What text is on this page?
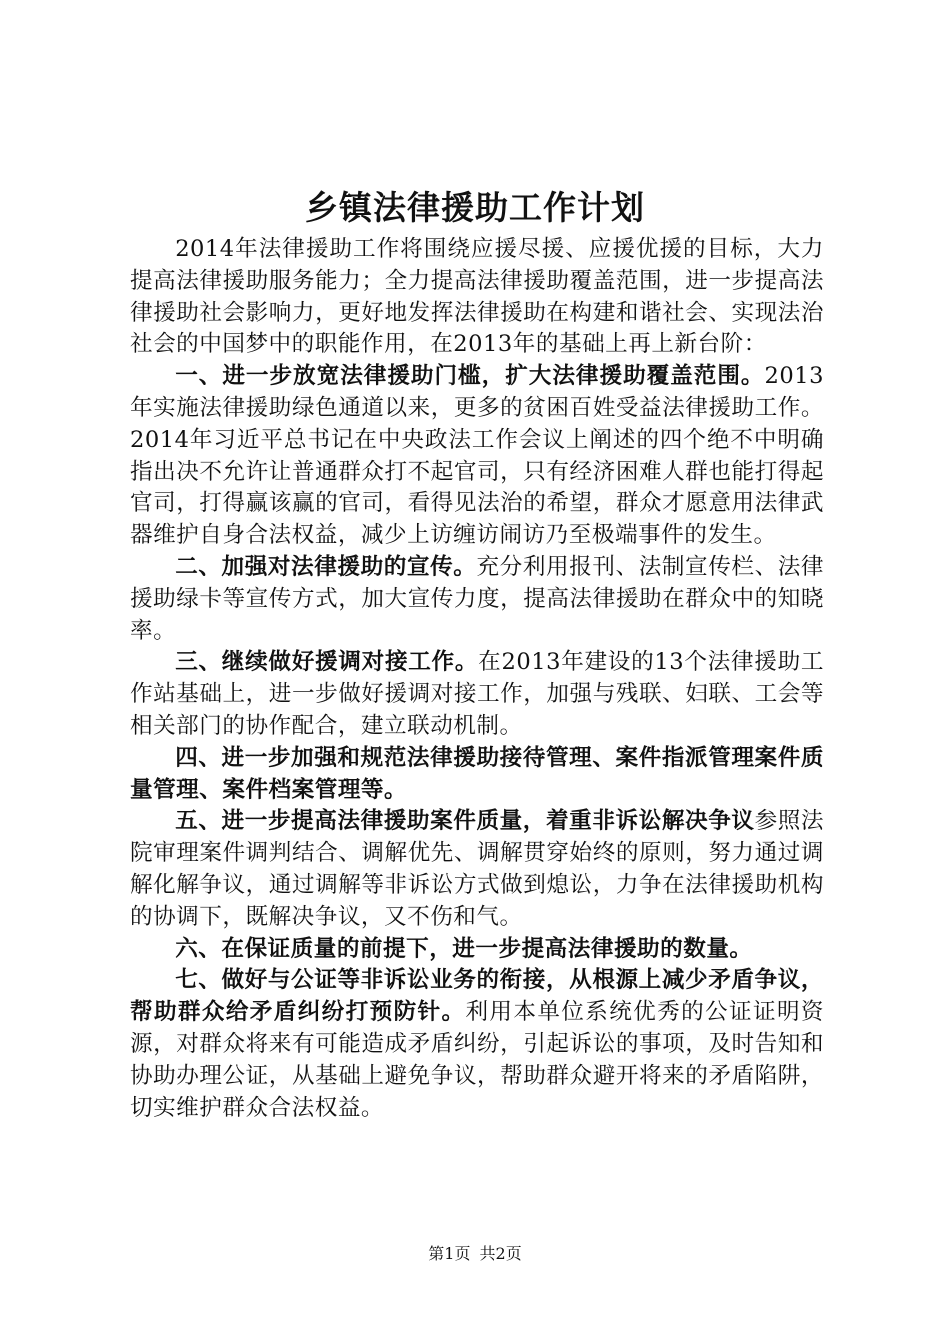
乡镇法律援助工作计划

2014年法律援助工作将围绕应援尽援、应援优援的目标，大力提高法律援助服务能力；全力提高法律援助覆盖范围，进一步提高法律援助社会影响力，更好地发挥法律援助在构建和谐社会、实现法治社会的中国梦中的职能作用，在2013年的基础上再上新台阶：

一、进一步放宽法律援助门槛，扩大法律援助覆盖范围。2013年实施法律援助绿色通道以来，更多的贫困百姓受益法律援助工作。2014年习近平总书记在中央政法工作会议上阐述的四个绝不中明确指出决不允许让普通群众打不起官司，只有经济困难人群也能打得起官司，打得赢该赢的官司，看得见法治的希望，群众才愿意用法律武器维护自身合法权益，减少上访缠访闹访乃至极端事件的发生。

二、加强对法律援助的宣传。充分利用报刊、法制宣传栏、法律援助绿卡等宣传方式，加大宣传力度，提高法律援助在群众中的知晓率。

三、继续做好援调对接工作。在2013年建设的13个法律援助工作站基础上，进一步做好援调对接工作，加强与残联、妇联、工会等相关部门的协作配合，建立联动机制。

四、进一步加强和规范法律援助接待管理、案件指派管理案件质量管理、案件档案管理等。

五、进一步提高法律援助案件质量，着重非诉讼解决争议参照法院审理案件调判结合、调解优先、调解贯穿始终的原则，努力通过调解化解争议，通过调解等非诉讼方式做到熄讼，力争在法律援助机构的协调下，既解决争议，又不伤和气。

六、在保证质量的前提下，进一步提高法律援助的数量。

七、做好与公证等非诉讼业务的衔接，从根源上减少矛盾争议，帮助群众给矛盾纠纷打预防针。利用本单位系统优秀的公证证明资源，对群众将来有可能造成矛盾纠纷，引起诉讼的事项，及时告知和协助办理公证，从基础上避免争议，帮助群众避开将来的矛盾陷阱，切实维护群众合法权益。

第1页 共2页
